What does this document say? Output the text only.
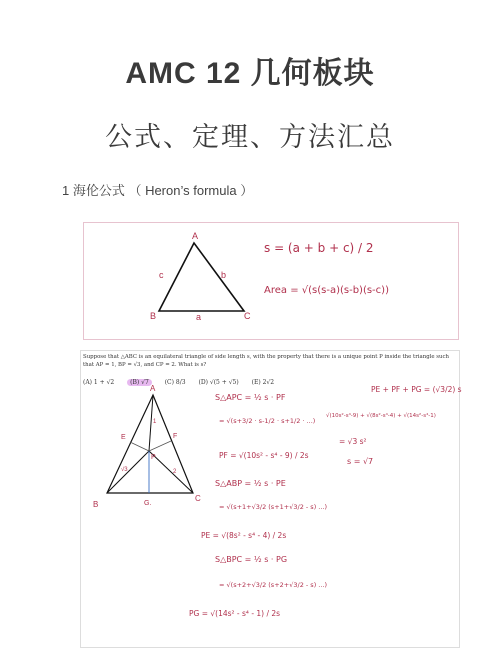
AMC 12 几何板块
公式、定理、方法汇总
1 海伦公式 （ Heron’s formula ）
A
B	C
c	b
a
s = (a + b + c) / 2
Area = √(s(s-a)(s-b)(s-c))
Suppose that △ABC is an equilateral triangle of side length s, with the property that there is a unique point P inside the triangle such that AP = 1, BP = √3, and CP = 2. What is s?
(A) 1 + √2	(B) √7	(C) 8/3 (D) √(5 + √5) (E) 2√2
A
B
C
E	F
P
G.
1
√3	2
S△APC = ½ s · PF
= √(s+3/2 · s-1/2 · s+1/2 · ...)
PF = √(10s² - s⁴ - 9) / 2s
S△ABP = ½ s · PE
= √(s+1+√3/2 (s+1+√3/2 - s) ...)
PE = √(8s² - s⁴ - 4) / 2s
S△BPC = ½ s · PG
= √(s+2+√3/2 (s+2+√3/2 - s) ...)
PG = √(14s² - s⁴ - 1) / 2s
PE + PF + PG = (√3/2) s
√(10s²-s⁴-9) + √(8s²-s⁴-4) + √(14s²-s⁴-1)
= √3 s²
s = √7
